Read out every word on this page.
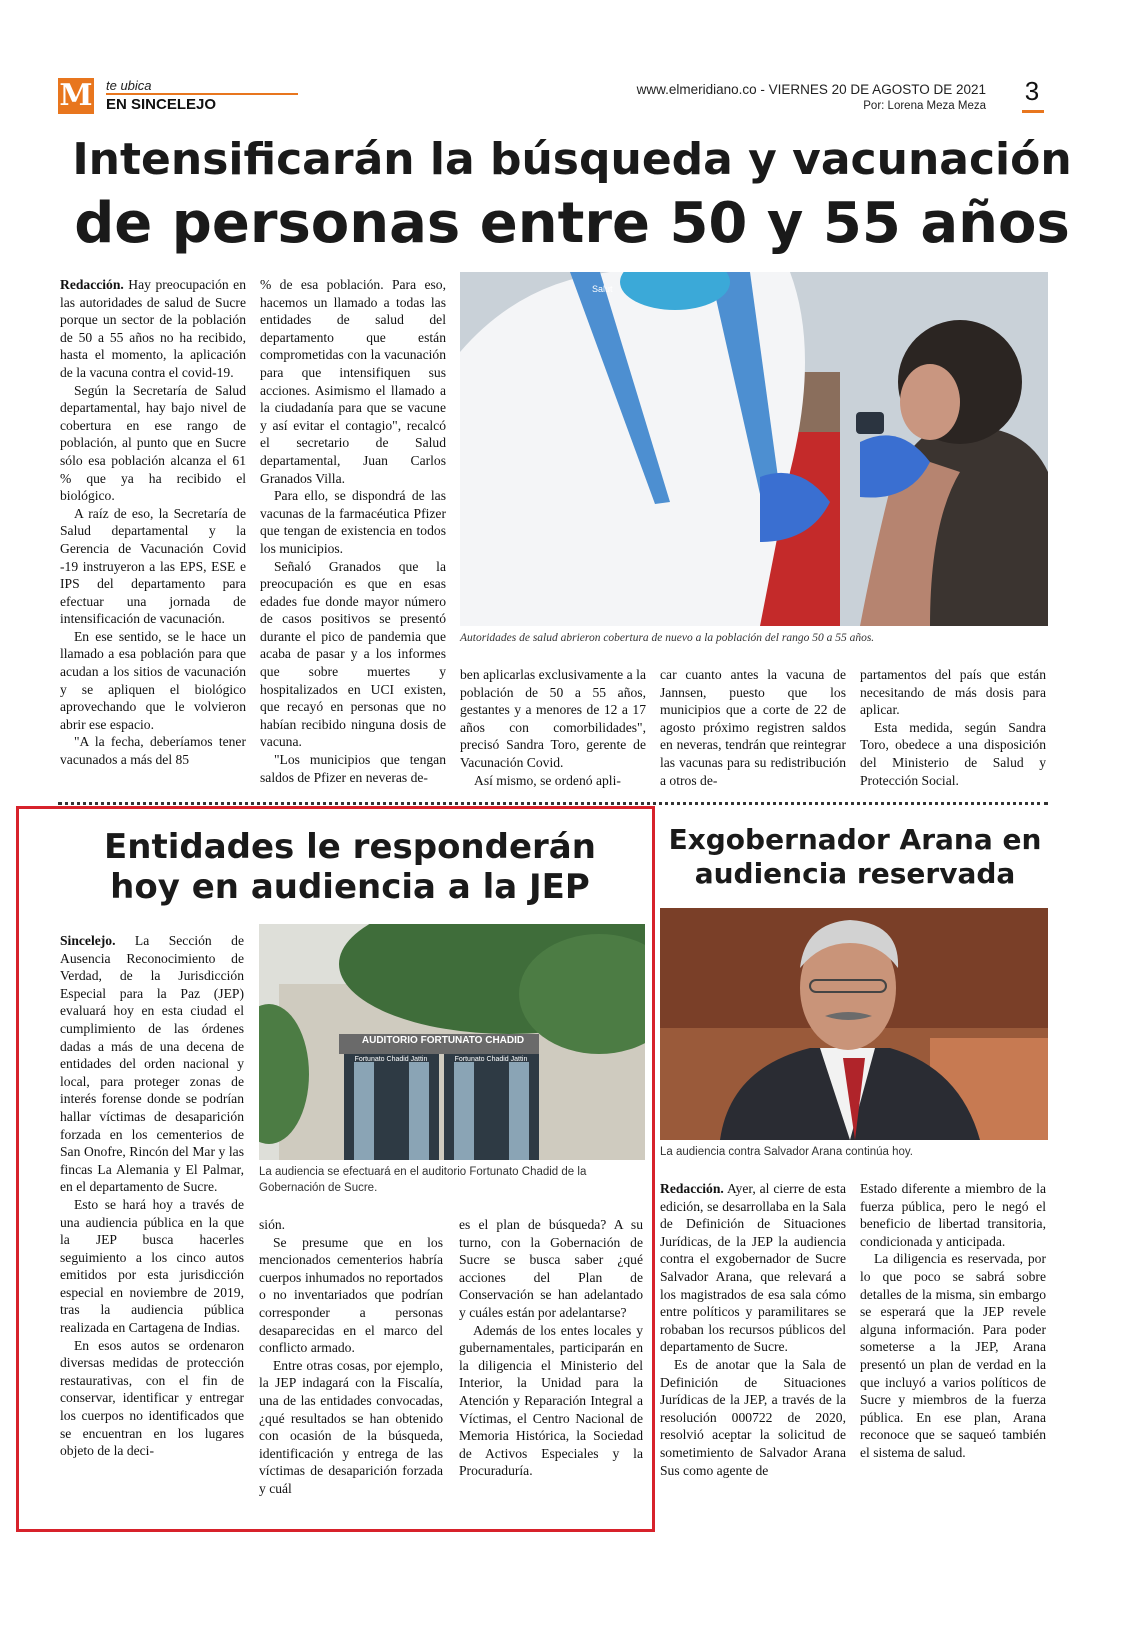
M te ubica
EN SINCELEJO
www.elmeridiano.co - VIERNES 20 DE AGOSTO DE 2021
Por: Lorena Meza Meza	3
Intensificarán la búsqueda y vacunación
de personas entre 50 y 55 años

Redacción. Hay preocupación en las autoridades de salud de Sucre porque un sector de la población de 50 a 55 años no ha recibido, hasta el momento, la aplicación de la vacuna contra el covid-19.

Según la Secretaría de Salud departamental, hay bajo nivel de cobertura en ese rango de población, al punto que en Sucre sólo esa población alcanza el 61 % que ya ha recibido el biológico.

A raíz de eso, la Secretaría de Salud departamental y la Gerencia de Vacunación Covid -19 instruyeron a las EPS, ESE e IPS del departamento para efectuar una jornada de intensificación de vacunación.

En ese sentido, se le hace un llamado a esa población para que acudan a los sitios de vacunación y se apliquen el biológico aprovechando que le volvieron abrir ese espacio.

"A la fecha, deberíamos tener vacunados a más del 85

% de esa población. Para eso, hacemos un llamado a todas las entidades de salud del departamento que están comprometidas con la vacunación para que intensifiquen sus acciones. Asimismo el llamado a la ciudadanía para que se vacune y así evitar el contagio", recalcó el secretario de Salud departamental, Juan Carlos Granados Villa.

Para ello, se dispondrá de las vacunas de la farmacéutica Pfizer que tengan de existencia en todos los municipios.

Señaló Granados que la preocupación es que en esas edades fue donde mayor número de casos positivos se presentó durante el pico de pandemia que acaba de pasar y a los informes que sobre muertes y hospitalizados en UCI existen, que recayó en personas que no habían recibido ninguna dosis de vacuna.

"Los municipios que tengan saldos de Pfizer en neveras de-

Salut
Autoridades de salud abrieron cobertura de nuevo a la población del rango 50 a 55 años.

ben aplicarlas exclusivamente a la población de 50 a 55 años, gestantes y a menores de 12 a 17 años con comorbilidades", precisó Sandra Toro, gerente de Vacunación Covid.

Así mismo, se ordenó apli-

car cuanto antes la vacuna de Jannsen, puesto que los municipios que a corte de 22 de agosto próximo registren saldos en neveras, tendrán que reintegrar las vacunas para su redistribución a otros de-

partamentos del país que están necesitando de más dosis para aplicar.

Esta medida, según Sandra Toro, obedece a una disposición del Ministerio de Salud y Protección Social.

Entidades le responderán
hoy en audiencia a la JEP

Sincelejo. La Sección de Ausencia Reconocimiento de Verdad, de la Jurisdicción Especial para la Paz (JEP) evaluará hoy en esta ciudad el cumplimiento de las órdenes dadas a más de una decena de entidades del orden nacional y local, para proteger zonas de interés forense donde se podrían hallar víctimas de desaparición forzada en los cementerios de San Onofre, Rincón del Mar y las fincas La Alemania y El Palmar, en el departamento de Sucre.

Esto se hará hoy a través de una audiencia pública en la que la JEP busca hacerles seguimiento a los cinco autos emitidos por esta jurisdicción especial en noviembre de 2019, tras la audiencia pública realizada en Cartagena de Indias.

En esos autos se ordenaron diversas medidas de protección restaurativas, con el fin de conservar, identificar y entregar los cuerpos no identificados que se encuentran en los lugares objeto de la deci-

AUDITORIO FORTUNATO CHADID
Fortunato Chadid Jattin	Fortunato Chadid Jattin
La audiencia se efectuará en el auditorio Fortunato Chadid de la Gobernación de Sucre.

sión.

Se presume que en los mencionados cementerios habría cuerpos inhumados no reportados o no inventariados que podrían corresponder a personas desaparecidas en el marco del conflicto armado.

Entre otras cosas, por ejemplo, la JEP indagará con la Fiscalía, una de las entidades convocadas, ¿qué resultados se han obtenido con ocasión de la búsqueda, identificación y entrega de las víctimas de desaparición forzada y cuál

es el plan de búsqueda? A su turno, con la Gobernación de Sucre se busca saber ¿qué acciones del Plan de Conservación se han adelantado y cuáles están por adelantarse?

Además de los entes locales y gubernamentales, participarán en la diligencia el Ministerio del Interior, la Unidad para la Atención y Reparación Integral a Víctimas, el Centro Nacional de Memoria Histórica, la Sociedad de Activos Especiales y la Procuraduría.

Exgobernador Arana en
audiencia reservada
La audiencia contra Salvador Arana continúa hoy.

Redacción. Ayer, al cierre de esta edición, se desarrollaba en la Sala de Definición de Situaciones Jurídicas, de la JEP la audiencia contra el exgobernador de Sucre Salvador Arana, que relevará a los magistrados de esa sala cómo entre políticos y paramilitares se robaban los recursos públicos del departamento de Sucre.

Es de anotar que la Sala de Definición de Situaciones Jurídicas de la JEP, a través de la resolución 000722 de 2020, resolvió aceptar la solicitud de sometimiento de Salvador Arana Sus como agente de

Estado diferente a miembro de la fuerza pública, pero le negó el beneficio de libertad transitoria, condicionada y anticipada.

La diligencia es reservada, por lo que poco se sabrá sobre detalles de la misma, sin embargo se esperará que la JEP revele alguna información. Para poder someterse a la JEP, Arana presentó un plan de verdad en la que incluyó a varios políticos de Sucre y miembros de la fuerza pública. En ese plan, Arana reconoce que se saqueó también el sistema de salud.
